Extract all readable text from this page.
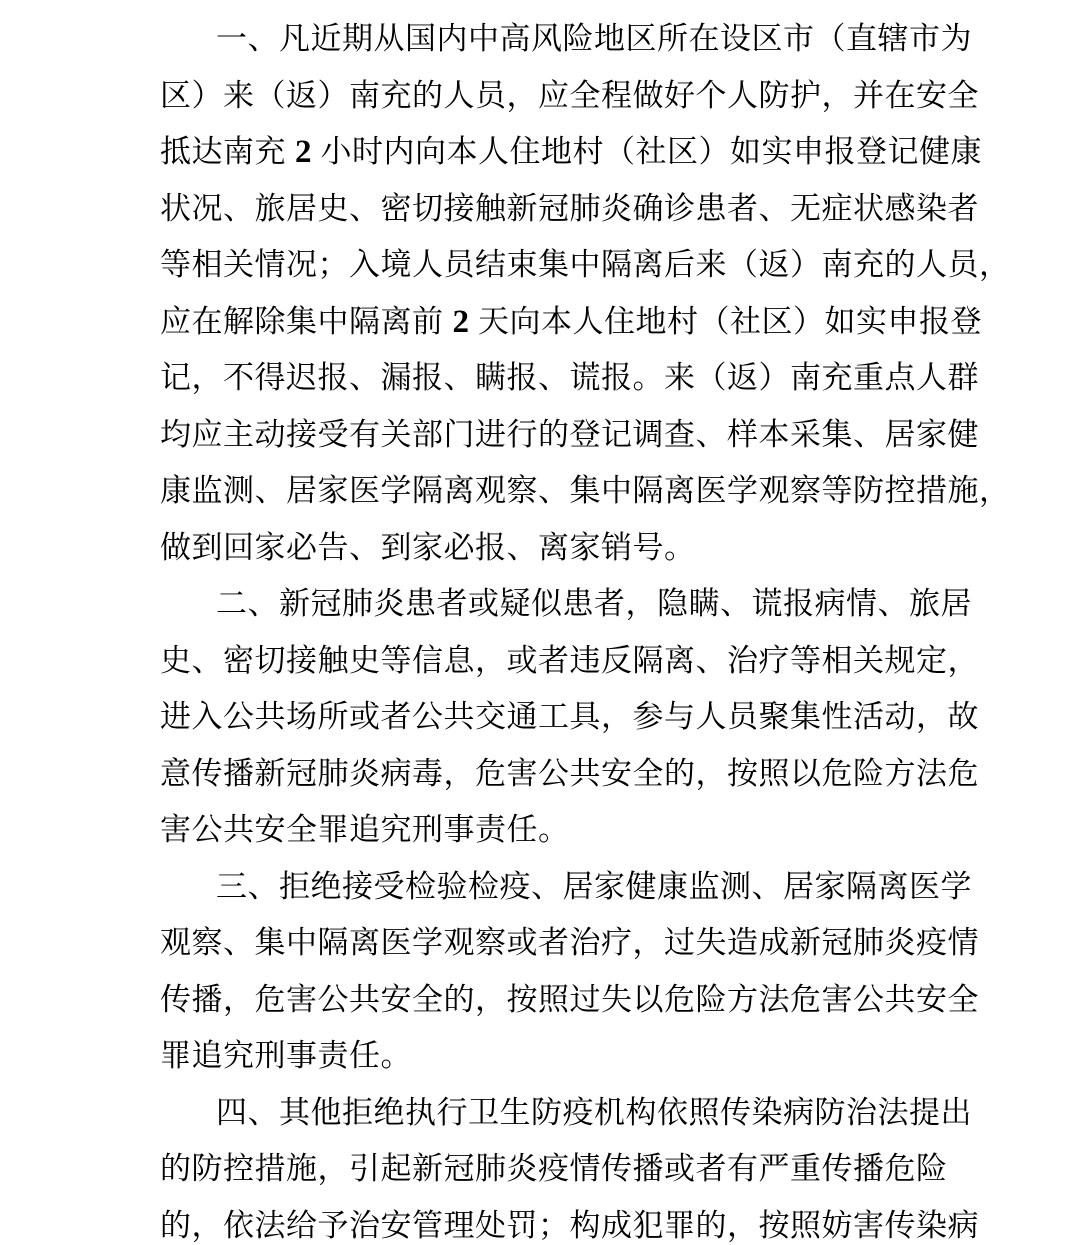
一、凡近期从国内中高风险地区所在设区市（直辖市为
区）来（返）南充的人员，应全程做好个人防护，并在安全
抵达南充 2 小时内向本人住地村（社区）如实申报登记健康
状况、旅居史、密切接触新冠肺炎确诊患者、无症状感染者
等相关情况；入境人员结束集中隔离后来（返）南充的人员，
应在解除集中隔离前 2 天向本人住地村（社区）如实申报登
记，不得迟报、漏报、瞒报、谎报。来（返）南充重点人群
均应主动接受有关部门进行的登记调查、样本采集、居家健
康监测、居家医学隔离观察、集中隔离医学观察等防控措施，
做到回家必告、到家必报、离家销号。
二、新冠肺炎患者或疑似患者，隐瞒、谎报病情、旅居
史、密切接触史等信息，或者违反隔离、治疗等相关规定，
进入公共场所或者公共交通工具，参与人员聚集性活动，故
意传播新冠肺炎病毒，危害公共安全的，按照以危险方法危
害公共安全罪追究刑事责任。
三、拒绝接受检验检疫、居家健康监测、居家隔离医学
观察、集中隔离医学观察或者治疗，过失造成新冠肺炎疫情
传播，危害公共安全的，按照过失以危险方法危害公共安全
罪追究刑事责任。
四、其他拒绝执行卫生防疫机构依照传染病防治法提出
的防控措施，引起新冠肺炎疫情传播或者有严重传播危险
的，依法给予治安管理处罚；构成犯罪的，按照妨害传染病
